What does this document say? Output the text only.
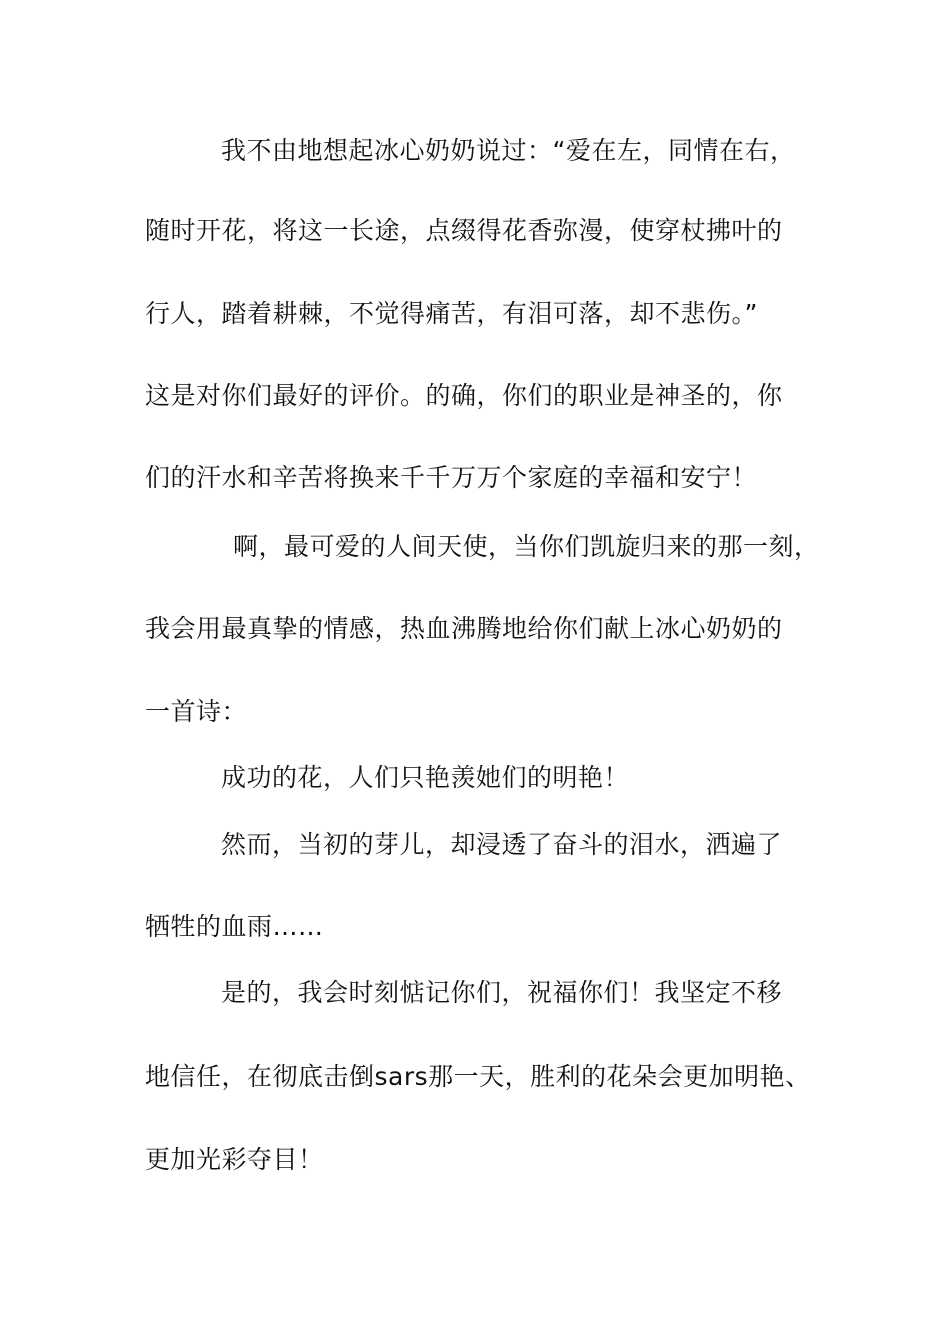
我不由地想起冰心奶奶说过：“爱在左，同情在右，
随时开花，将这一长途，点缀得花香弥漫，使穿杖拂叶的
行人，踏着耕棘，不觉得痛苦，有泪可落，却不悲伤。”
这是对你们最好的评价。的确，你们的职业是神圣的，你
们的汗水和辛苦将换来千千万万个家庭的幸福和安宁！
啊，最可爱的人间天使，当你们凯旋归来的那一刻，
我会用最真挚的情感，热血沸腾地给你们献上冰心奶奶的
一首诗：
成功的花，人们只艳羡她们的明艳！
然而，当初的芽儿，却浸透了奋斗的泪水，洒遍了
牺牲的血雨……
是的，我会时刻惦记你们，祝福你们！我坚定不移
地信任，在彻底击倒sars那一天，胜利的花朵会更加明艳、
更加光彩夺目！
